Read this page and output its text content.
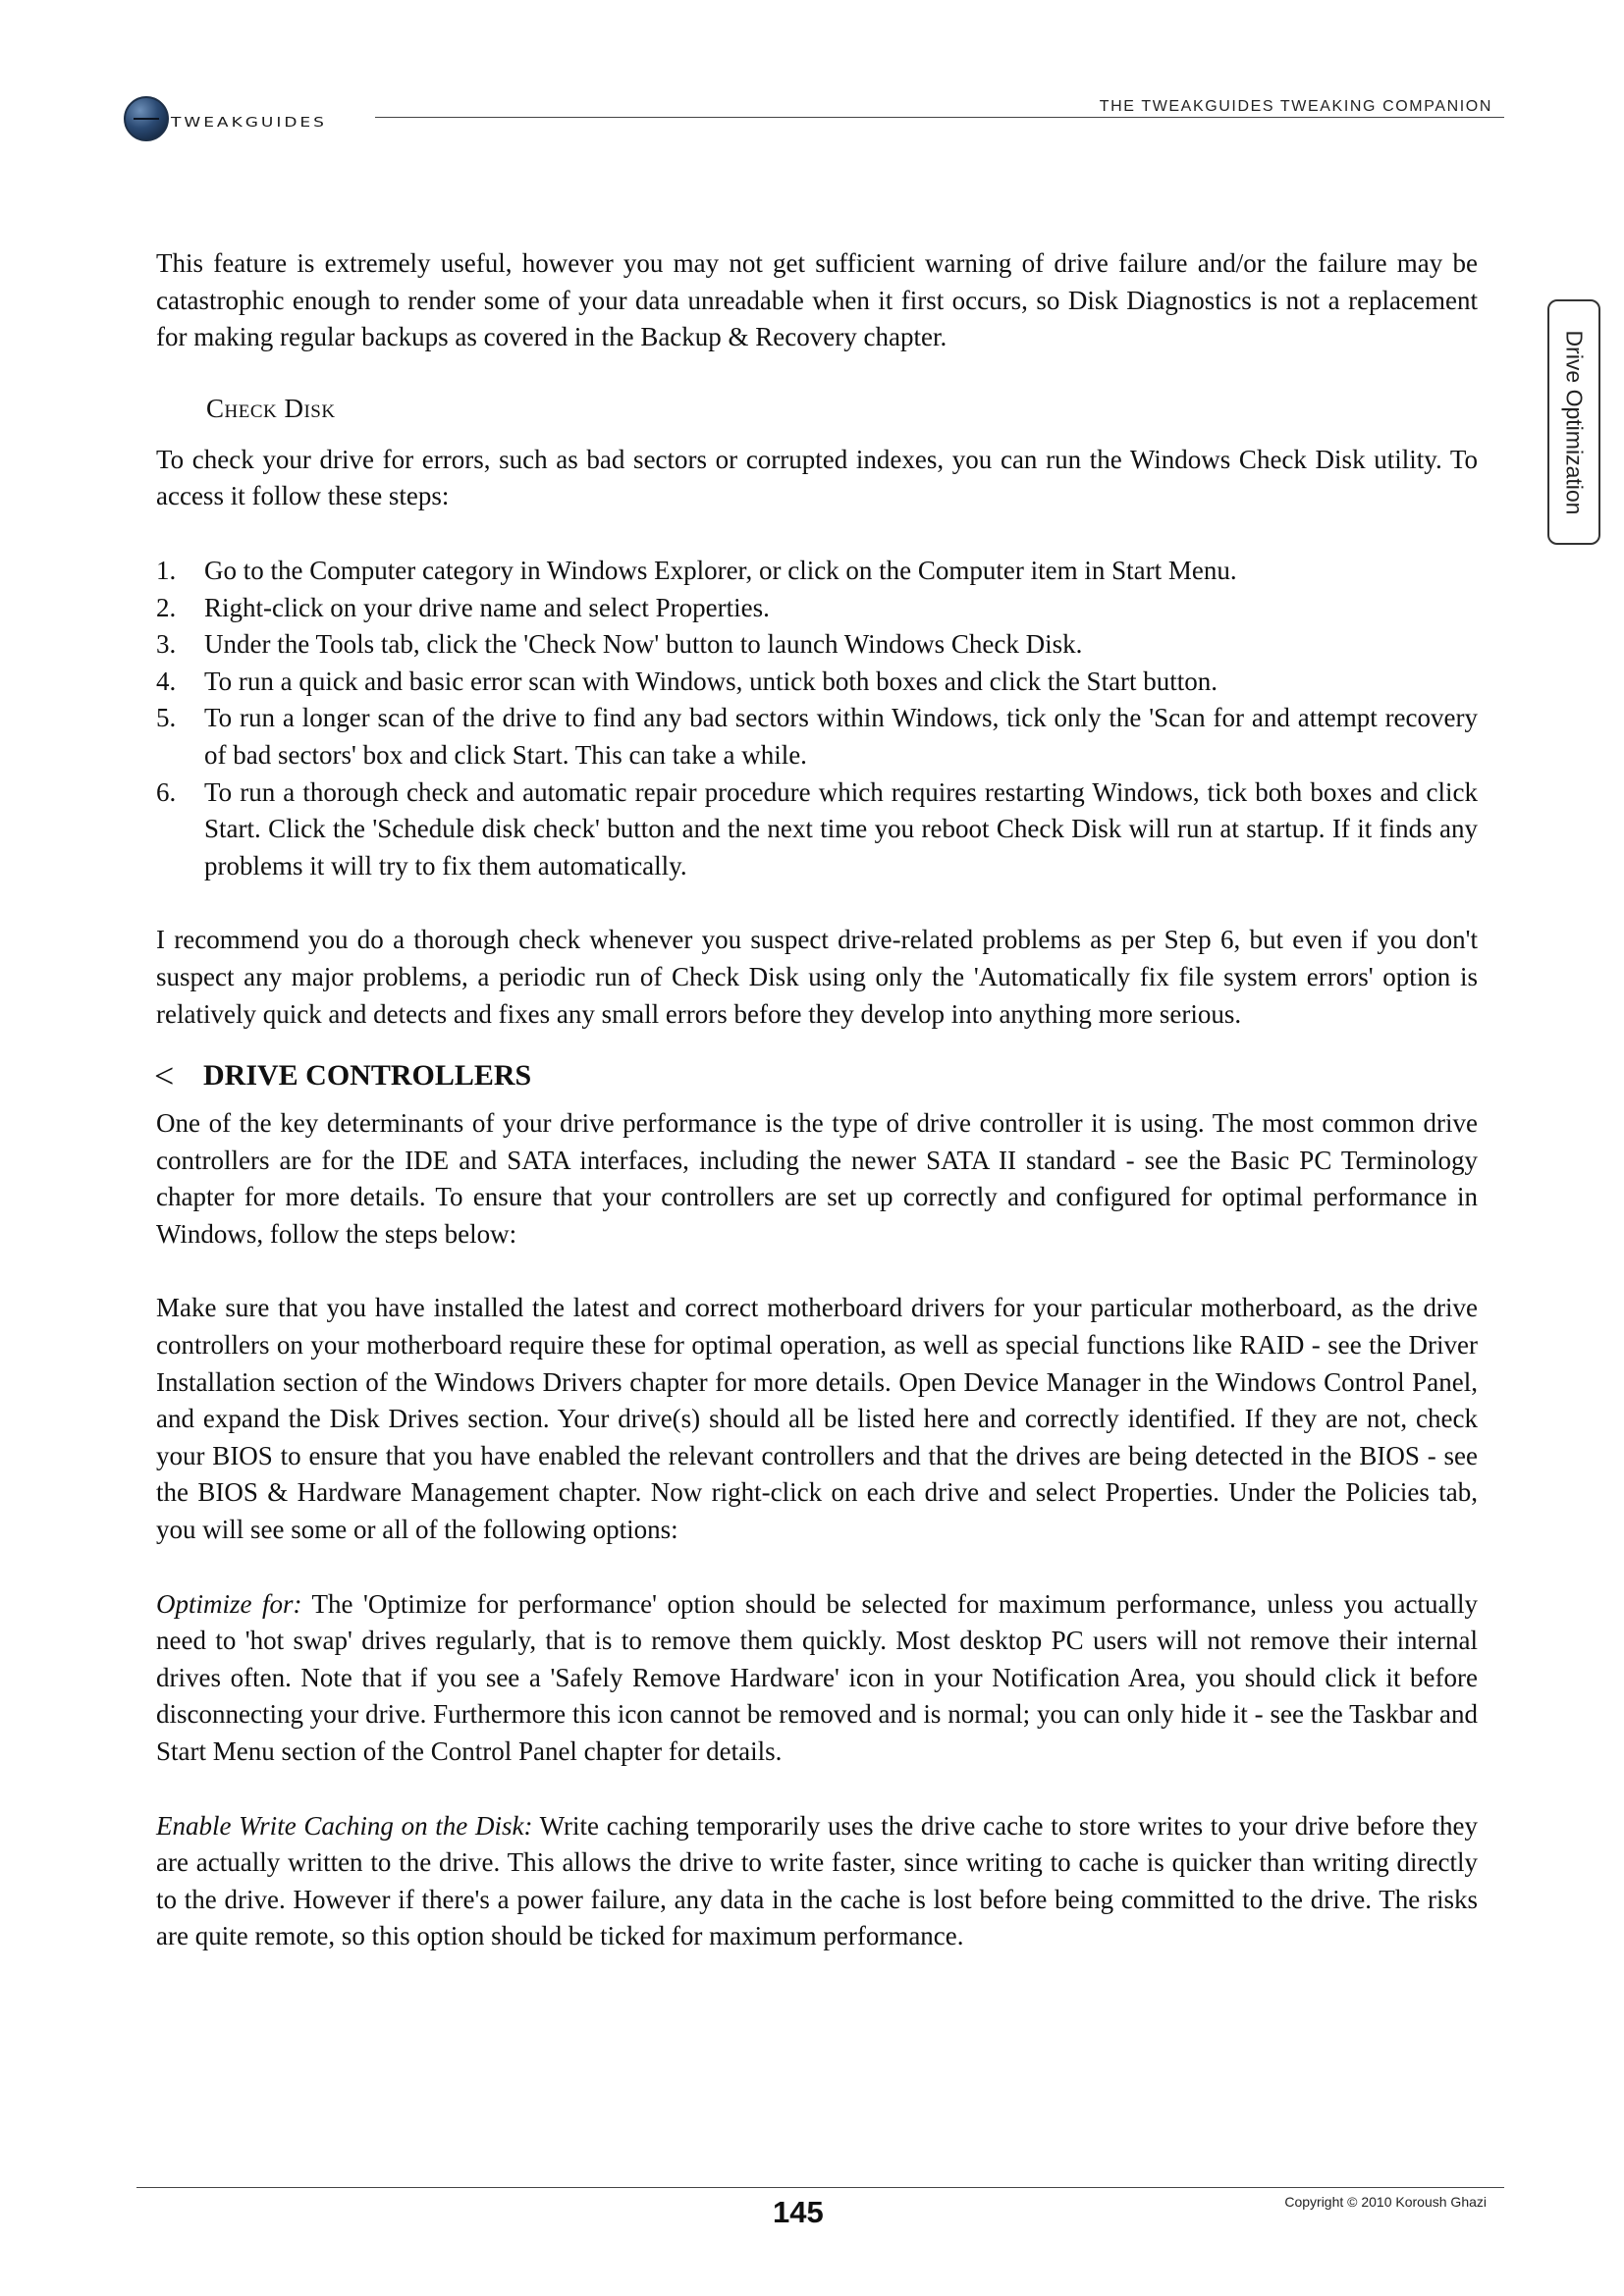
TWEAKGUIDES
THE TWEAKGUIDES TWEAKING COMPANION
Drive Optimization

This feature is extremely useful, however you may not get sufficient warning of drive failure and/or the failure may be catastrophic enough to render some of your data unreadable when it first occurs, so Disk Diagnostics is not a replacement for making regular backups as covered in the Backup & Recovery chapter.

Check Disk

To check your drive for errors, such as bad sectors or corrupted indexes, you can run the Windows Check Disk utility. To access it follow these steps:

1.	Go to the Computer category in Windows Explorer, or click on the Computer item in Start Menu.
2.	Right-click on your drive name and select Properties.
3.	Under the Tools tab, click the 'Check Now' button to launch Windows Check Disk.
4.	To run a quick and basic error scan with Windows, untick both boxes and click the Start button.
5.	To run a longer scan of the drive to find any bad sectors within Windows, tick only the 'Scan for and attempt recovery of bad sectors' box and click Start. This can take a while.
6.	To run a thorough check and automatic repair procedure which requires restarting Windows, tick both boxes and click Start. Click the 'Schedule disk check' button and the next time you reboot Check Disk will run at startup. If it finds any problems it will try to fix them automatically.

I recommend you do a thorough check whenever you suspect drive-related problems as per Step 6, but even if you don't suspect any major problems, a periodic run of Check Disk using only the 'Automatically fix file system errors' option is relatively quick and detects and fixes any small errors before they develop into anything more serious.

< DRIVE CONTROLLERS

One of the key determinants of your drive performance is the type of drive controller it is using. The most common drive controllers are for the IDE and SATA interfaces, including the newer SATA II standard - see the Basic PC Terminology chapter for more details. To ensure that your controllers are set up correctly and configured for optimal performance in Windows, follow the steps below:

Make sure that you have installed the latest and correct motherboard drivers for your particular motherboard, as the drive controllers on your motherboard require these for optimal operation, as well as special functions like RAID - see the Driver Installation section of the Windows Drivers chapter for more details. Open Device Manager in the Windows Control Panel, and expand the Disk Drives section. Your drive(s) should all be listed here and correctly identified. If they are not, check your BIOS to ensure that you have enabled the relevant controllers and that the drives are being detected in the BIOS - see the BIOS & Hardware Management chapter. Now right-click on each drive and select Properties. Under the Policies tab, you will see some or all of the following options:

Optimize for: The 'Optimize for performance' option should be selected for maximum performance, unless you actually need to 'hot swap' drives regularly, that is to remove them quickly. Most desktop PC users will not remove their internal drives often. Note that if you see a 'Safely Remove Hardware' icon in your Notification Area, you should click it before disconnecting your drive. Furthermore this icon cannot be removed and is normal; you can only hide it - see the Taskbar and Start Menu section of the Control Panel chapter for details.

Enable Write Caching on the Disk: Write caching temporarily uses the drive cache to store writes to your drive before they are actually written to the drive. This allows the drive to write faster, since writing to cache is quicker than writing directly to the drive. However if there's a power failure, any data in the cache is lost before being committed to the drive. The risks are quite remote, so this option should be ticked for maximum performance.

145	Copyright © 2010 Koroush Ghazi
